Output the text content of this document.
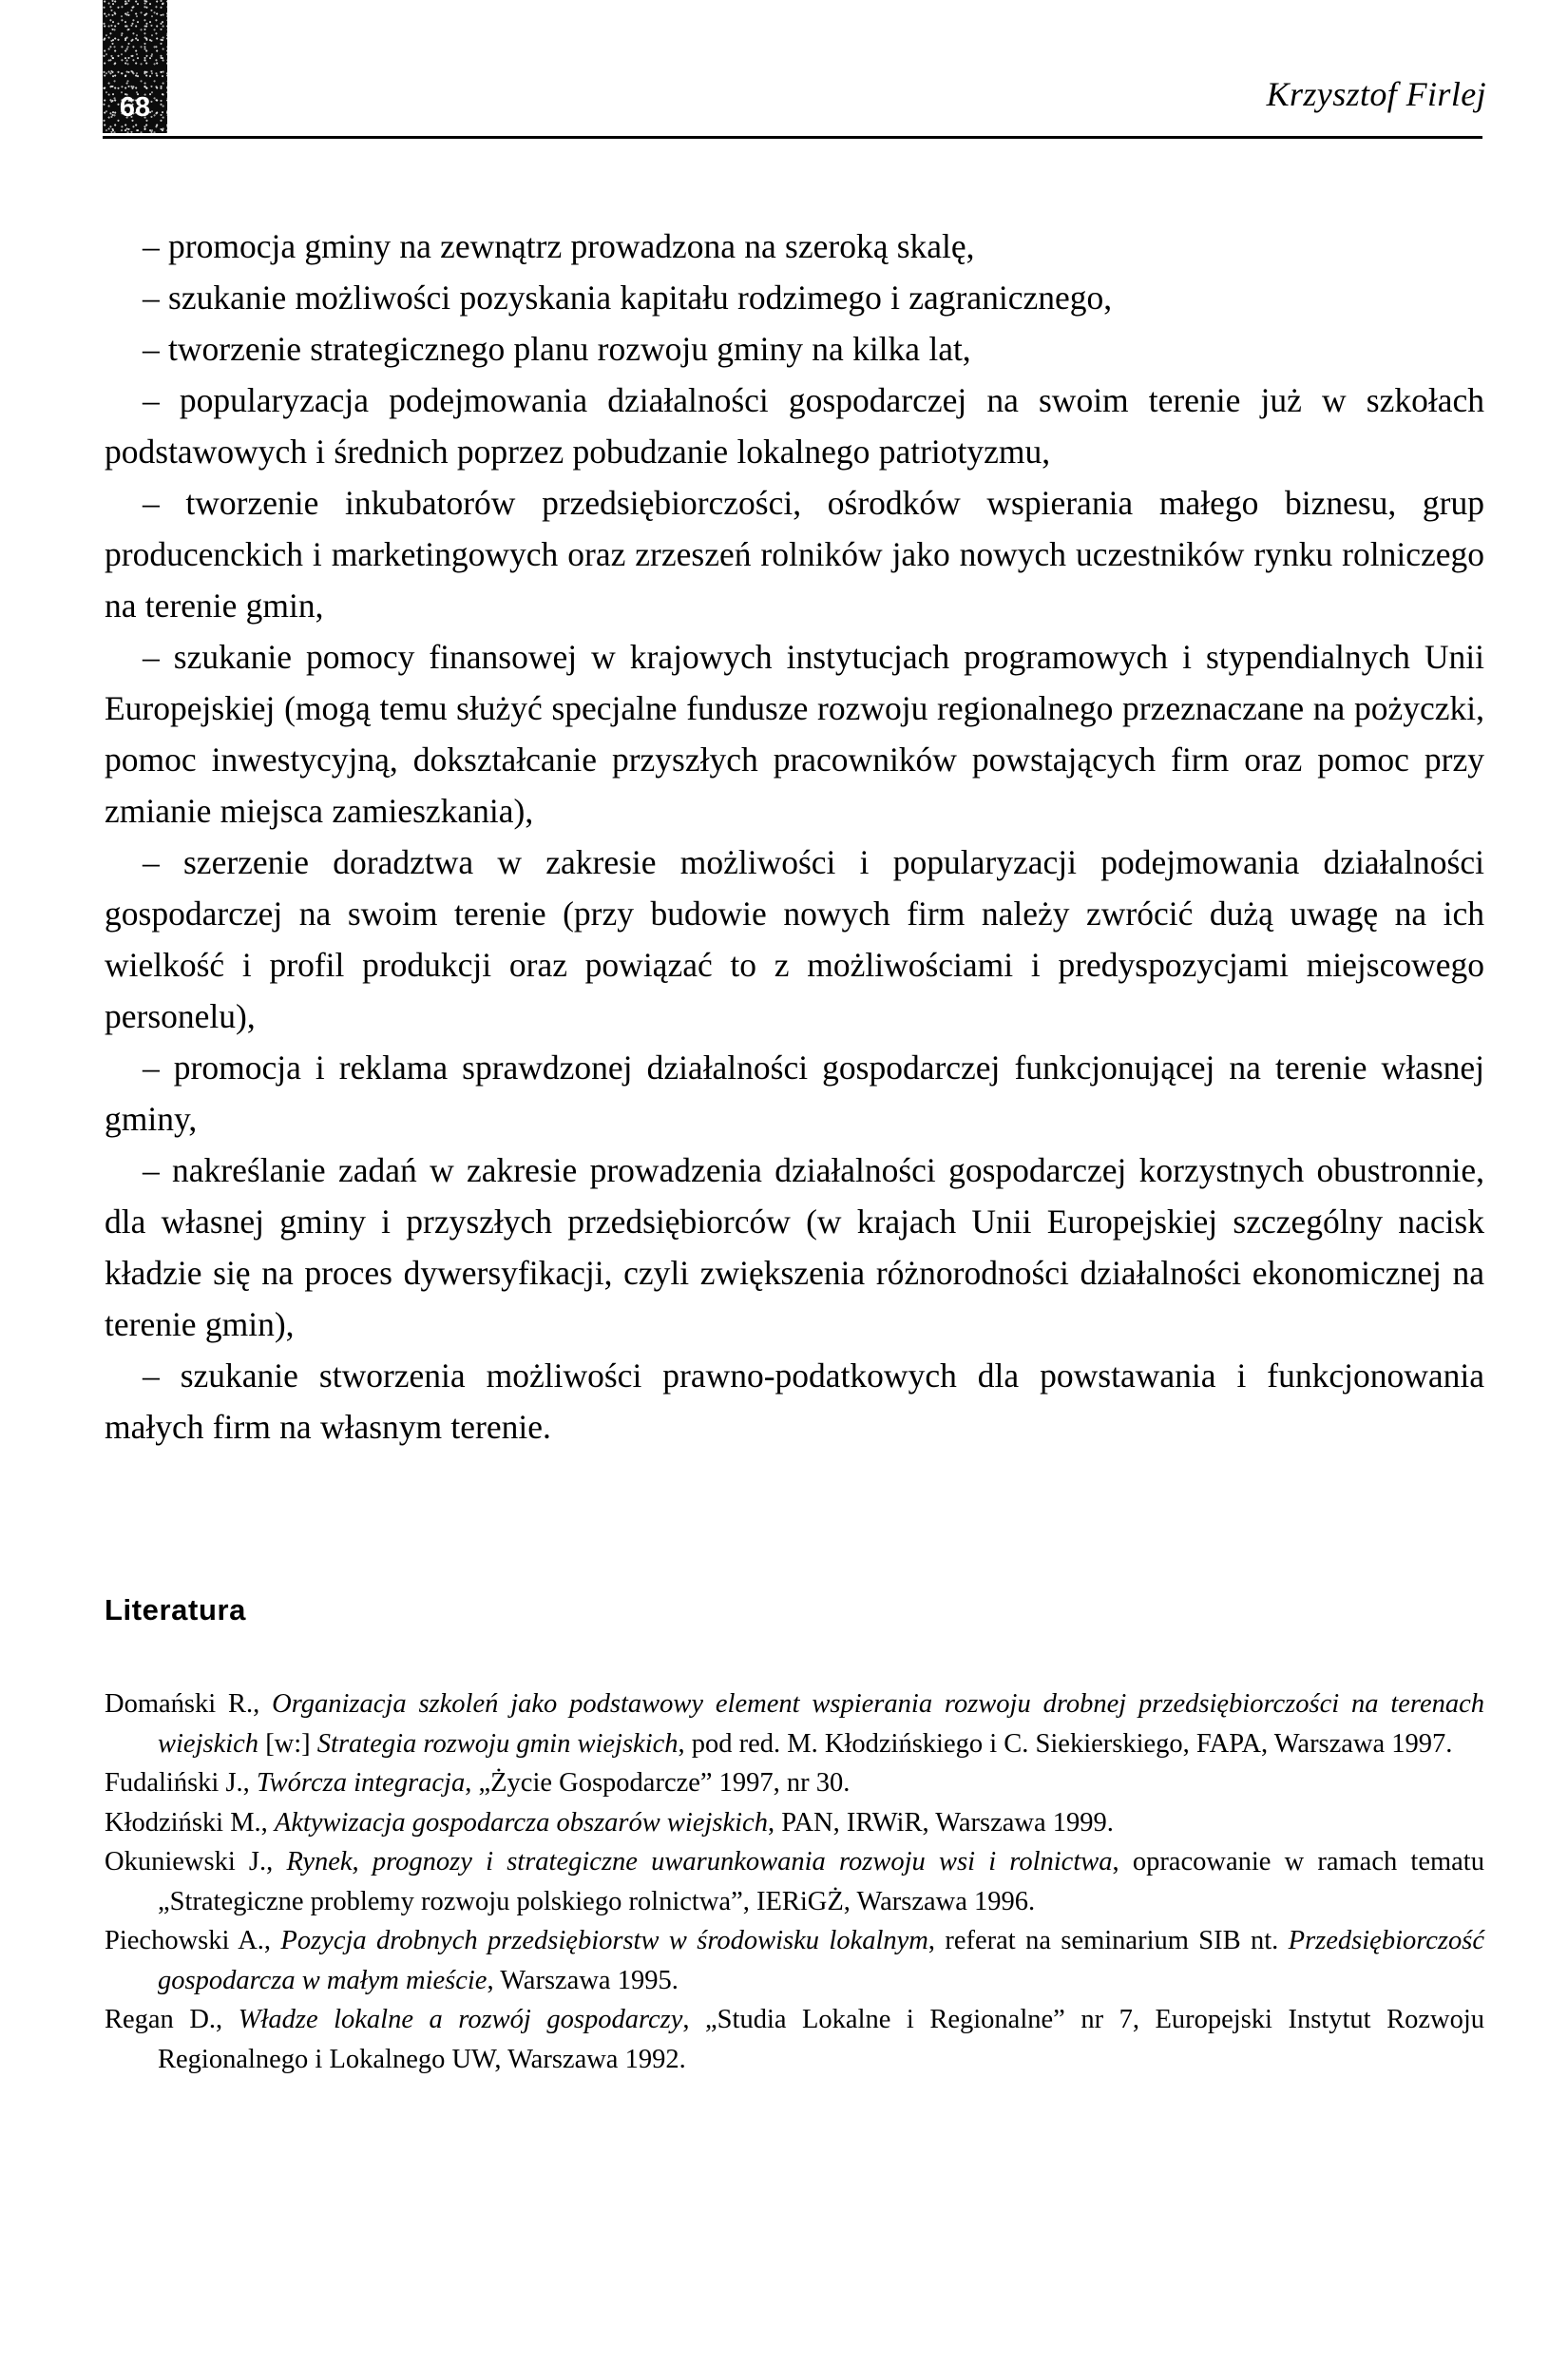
68	Krzysztof Firlej

– promocja gminy na zewnątrz prowadzona na szeroką skalę,

– szukanie możliwości pozyskania kapitału rodzimego i zagranicznego,

– tworzenie strategicznego planu rozwoju gminy na kilka lat,

– popularyzacja podejmowania działalności gospodarczej na swoim terenie już w szkołach podstawowych i średnich poprzez pobudzanie lokalnego patriotyzmu,

– tworzenie inkubatorów przedsiębiorczości, ośrodków wspierania małego biznesu, grup producenckich i marketingowych oraz zrzeszeń rolników jako nowych uczestników rynku rolniczego na terenie gmin,

– szukanie pomocy finansowej w krajowych instytucjach programowych i stypendialnych Unii Europejskiej (mogą temu służyć specjalne fundusze rozwoju regionalnego przeznaczane na pożyczki, pomoc inwestycyjną, dokształcanie przyszłych pracowników powstających firm oraz pomoc przy zmianie miejsca zamieszkania),

– szerzenie doradztwa w zakresie możliwości i popularyzacji podejmowania działalności gospodarczej na swoim terenie (przy budowie nowych firm należy zwrócić dużą uwagę na ich wielkość i profil produkcji oraz powiązać to z możliwościami i predyspozycjami miejscowego personelu),

– promocja i reklama sprawdzonej działalności gospodarczej funkcjonującej na terenie własnej gminy,

– nakreślanie zadań w zakresie prowadzenia działalności gospodarczej korzystnych obustronnie, dla własnej gminy i przyszłych przedsiębiorców (w krajach Unii Europejskiej szczególny nacisk kładzie się na proces dywersyfikacji, czyli zwiększenia różnorodności działalności ekonomicznej na terenie gmin),

– szukanie stworzenia możliwości prawno-podatkowych dla powstawania i funkcjonowania małych firm na własnym terenie.

Literatura

Domański R., Organizacja szkoleń jako podstawowy element wspierania rozwoju drobnej przedsiębiorczości na terenach wiejskich [w:] Strategia rozwoju gmin wiejskich, pod red. M. Kłodzińskiego i C. Siekierskiego, FAPA, Warszawa 1997.

Fudaliński J., Twórcza integracja, „Życie Gospodarcze” 1997, nr 30.

Kłodziński M., Aktywizacja gospodarcza obszarów wiejskich, PAN, IRWiR, Warszawa 1999.

Okuniewski J., Rynek, prognozy i strategiczne uwarunkowania rozwoju wsi i rolnictwa, opracowanie w ramach tematu „Strategiczne problemy rozwoju polskiego rolnictwa”, IERiGŻ, Warszawa 1996.

Piechowski A., Pozycja drobnych przedsiębiorstw w środowisku lokalnym, referat na seminarium SIB nt. Przedsiębiorczość gospodarcza w małym mieście, Warszawa 1995.

Regan D., Władze lokalne a rozwój gospodarczy, „Studia Lokalne i Regionalne” nr 7, Europejski Instytut Rozwoju Regionalnego i Lokalnego UW, Warszawa 1992.
